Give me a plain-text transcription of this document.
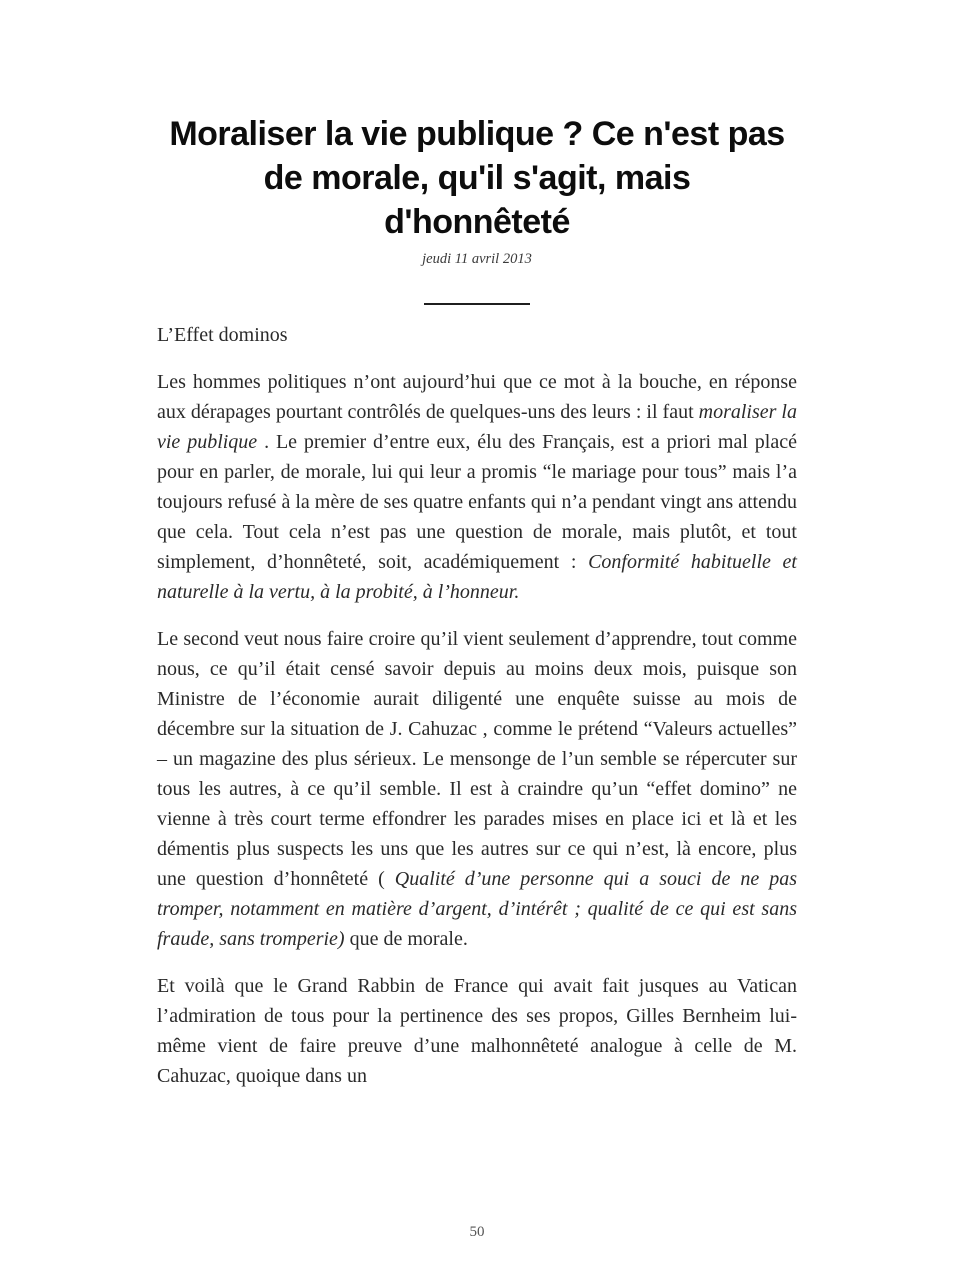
Moraliser la vie publique ? Ce n'est pas
de morale, qu'il s'agit, mais
d'honnêteté
jeudi 11 avril 2013

L’Effet dominos

Les hommes politiques n’ont aujourd’hui que ce mot à la bouche, en réponse aux dérapages pourtant contrôlés de quelques-uns des leurs : il faut moraliser la vie publique . Le premier d’entre eux, élu des Français, est a priori mal placé pour en parler, de morale, lui qui leur a promis “le mariage pour tous” mais l’a toujours refusé à la mère de ses quatre enfants qui n’a pendant vingt ans attendu que cela. Tout cela n’est pas une question de morale, mais plutôt, et tout simplement, d’honnêteté, soit, académiquement : Conformité habituelle et naturelle à la vertu, à la probité, à l’honneur.

Le second veut nous faire croire qu’il vient seulement d’apprendre, tout comme nous, ce qu’il était censé savoir depuis au moins deux mois, puisque son Ministre de l’économie aurait diligenté une enquête suisse au mois de décembre sur la situation de J. Cahuzac , comme le prétend “Valeurs actuelles” – un magazine des plus sérieux. Le mensonge de l’un semble se répercuter sur tous les autres, à ce qu’il semble. Il est à craindre qu’un “effet domino” ne vienne à très court terme effondrer les parades mises en place ici et là et les démentis plus suspects les uns que les autres sur ce qui n’est, là encore, plus une question d’honnêteté ( Qualité d’une personne qui a souci de ne pas tromper, notamment en matière d’argent, d’intérêt ; qualité de ce qui est sans fraude, sans tromperie) que de morale.

Et voilà que le Grand Rabbin de France qui avait fait jusques au Vatican l’admiration de tous pour la pertinence des ses propos, Gilles Bernheim lui-même vient de faire preuve d’une malhonnêteté analogue à celle de M. Cahuzac, quoique dans un

50
